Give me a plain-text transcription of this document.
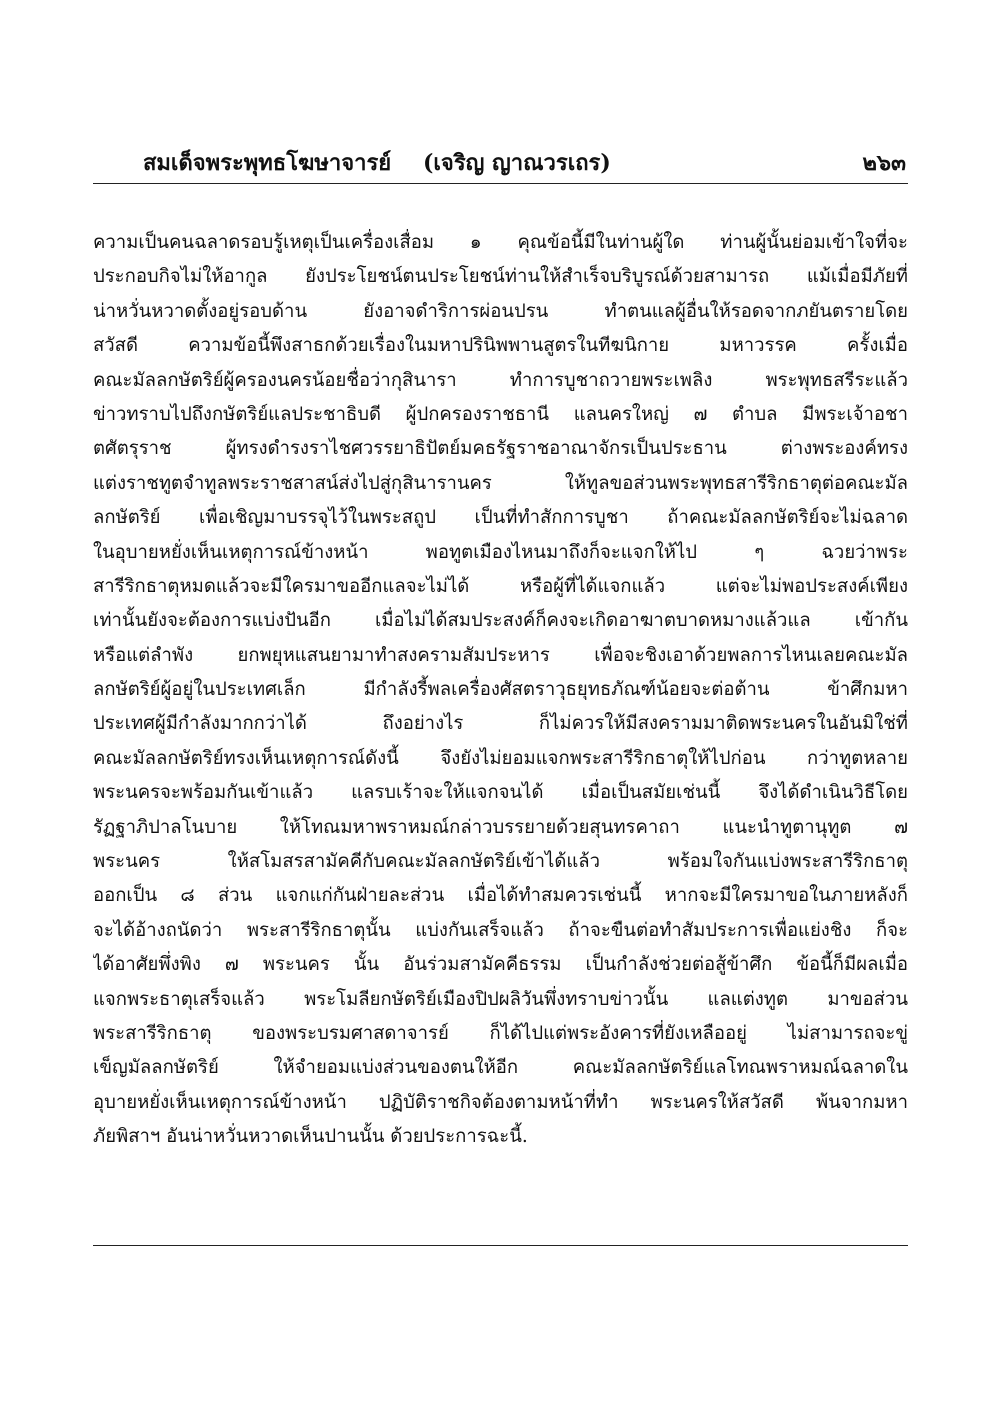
สมเด็จพระพุทธโฆษาจารย์ (เจริญ ญาณวรเถร)	๒๖๓
ความเป็นคนฉลาดรอบรู้เหตุเป็นเครื่องเสื่อม ๑ คุณข้อนี้มีในท่านผู้ใด ท่านผู้นั้นย่อมเข้าใจที่จะ
ประกอบกิจไม่ให้อากูล ยังประโยชน์ตนประโยชน์ท่านให้สำเร็จบริบูรณ์ด้วยสามารถ แม้เมื่อมีภัยที่
น่าหวั่นหวาดตั้งอยู่รอบด้าน ยังอาจดำริการผ่อนปรน ทำตนแลผู้อื่นให้รอดจากภยันตรายโดย
สวัสดี ความข้อนี้พึงสาธกด้วยเรื่องในมหาปรินิพพานสูตรในทีฆนิกาย มหาวรรค ครั้งเมื่อ
คณะมัลลกษัตริย์ผู้ครองนครน้อยชื่อว่ากุสินารา ทำการบูชาถวายพระเพลิง พระพุทธสรีระแล้ว
ข่าวทราบไปถึงกษัตริย์แลประชาธิบดี ผู้ปกครองราชธานี แลนครใหญ่ ๗ ตำบล มีพระเจ้าอชา
ตศัตรุราช ผู้ทรงดำรงราไชศวรรยาธิปัตย์มคธรัฐราชอาณาจักรเป็นประธาน ต่างพระองค์ทรง
แต่งราชทูตจำทูลพระราชสาสน์ส่งไปสู่กุสินารานคร ให้ทูลขอส่วนพระพุทธสารีริกธาตุต่อคณะมัล
ลกษัตริย์ เพื่อเชิญมาบรรจุไว้ในพระสถูป เป็นที่ทำสักการบูชา ถ้าคณะมัลลกษัตริย์จะไม่ฉลาด
ในอุบายหยั่งเห็นเหตุการณ์ข้างหน้า พอทูตเมืองไหนมาถึงก็จะแจกให้ไป ๆ ฉวยว่าพระ
สารีริกธาตุหมดแล้วจะมีใครมาขออีกแลจะไม่ได้ หรือผู้ที่ได้แจกแล้ว แต่จะไม่พอประสงค์เพียง
เท่านั้นยังจะต้องการแบ่งปันอีก เมื่อไม่ได้สมประสงค์ก็คงจะเกิดอาฆาตบาดหมางแล้วแล เข้ากัน
หรือแต่ลำพัง ยกพยุหแสนยามาทำสงครามสัมประหาร เพื่อจะชิงเอาด้วยพลการไหนเลยคณะมัล
ลกษัตริย์ผู้อยู่ในประเทศเล็ก มีกำลังรี้พลเครื่องศัสตราวุธยุทธภัณฑ์น้อยจะต่อต้าน ข้าศึกมหา
ประเทศผู้มีกำลังมากกว่าได้ ถึงอย่างไร ก็ไม่ควรให้มีสงครามมาติดพระนครในอันมิใช่ที่
คณะมัลลกษัตริย์ทรงเห็นเหตุการณ์ดังนี้ จึงยังไม่ยอมแจกพระสารีริกธาตุให้ไปก่อน กว่าทูตหลาย
พระนครจะพร้อมกันเข้าแล้ว แลรบเร้าจะให้แจกจนได้ เมื่อเป็นสมัยเช่นนี้ จึงได้ดำเนินวิธีโดย
รัฏฐาภิปาลโนบาย ให้โทณมหาพราหมณ์กล่าวบรรยายด้วยสุนทรคาถา แนะนำทูตานุทูต ๗
พระนคร ให้สโมสรสามัคคีกับคณะมัลลกษัตริย์เข้าได้แล้ว พร้อมใจกันแบ่งพระสารีริกธาตุ
ออกเป็น ๘ ส่วน แจกแก่กันฝ่ายละส่วน เมื่อได้ทำสมควรเช่นนี้ หากจะมีใครมาขอในภายหลังก็
จะได้อ้างถนัดว่า พระสารีริกธาตุนั้น แบ่งกันเสร็จแล้ว ถ้าจะขืนต่อทำสัมประการเพื่อแย่งชิง ก็จะ
ได้อาศัยพึ่งพิง ๗ พระนคร นั้น อันร่วมสามัคคีธรรม เป็นกำลังช่วยต่อสู้ข้าศึก ข้อนี้ก็มีผลเมื่อ
แจกพระธาตุเสร็จแล้ว พระโมลียกษัตริย์เมืองปิปผลิวันพึ่งทราบข่าวนั้น แลแต่งทูต มาขอส่วน
พระสารีริกธาตุ ของพระบรมศาสดาจารย์ ก็ได้ไปแต่พระอังคารที่ยังเหลืออยู่ ไม่สามารถจะขู่
เข็ญมัลลกษัตริย์ ให้จำยอมแบ่งส่วนของตนให้อีก คณะมัลลกษัตริย์แลโทณพราหมณ์ฉลาดใน
อุบายหยั่งเห็นเหตุการณ์ข้างหน้า ปฏิบัติราชกิจต้องตามหน้าที่ทำ พระนครให้สวัสดี พ้นจากมหา
ภัยพิสาฯ อันน่าหวั่นหวาดเห็นปานนั้น ด้วยประการฉะนี้.
